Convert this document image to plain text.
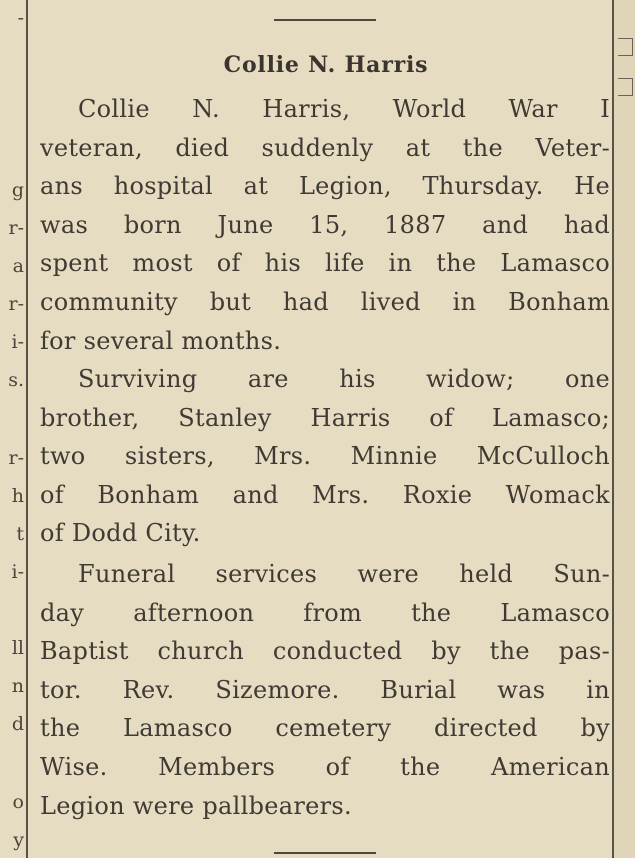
-
g
r-
a
r-
i-
s.
r-
h
t
i-
ll
n
d
o
y
Collie N. Harris
Collie N. Harris, World War I
veteran, died suddenly at the Veter-
ans hospital at Legion, Thursday. He
was born June 15, 1887 and had
spent most of his life in the Lamasco
community but had lived in Bonham
for several months.
Surviving are his widow; one
brother, Stanley Harris of Lamasco;
two sisters, Mrs. Minnie McCulloch
of Bonham and Mrs. Roxie Womack
of Dodd City.
Funeral services were held Sun-
day afternoon from the Lamasco
Baptist church conducted by the pas-
tor. Rev. Sizemore. Burial was in
the Lamasco cemetery directed by
Wise. Members of the American
Legion were pallbearers.
